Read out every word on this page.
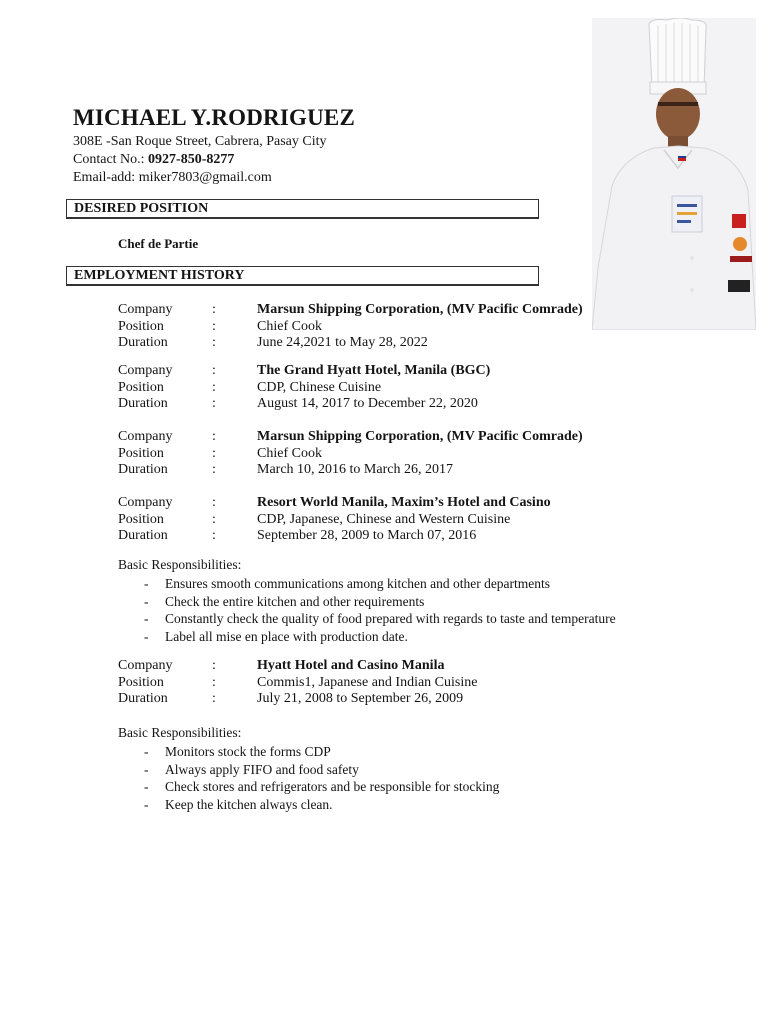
MICHAEL Y.RODRIGUEZ
308E -San Roque Street, Cabrera, Pasay City
Contact No.: 0927-850-8277
Email-add: miker7803@gmail.com
DESIRED POSITION
Chef de Partie
EMPLOYMENT HISTORY
Company	:	Marsun Shipping Corporation, (MV Pacific Comrade)
Position	:	Chief Cook
Duration	:	June 24,2021 to May 28, 2022
Company	:	The Grand Hyatt Hotel, Manila (BGC)
Position	:	CDP, Chinese Cuisine
Duration	:	August 14, 2017 to December 22, 2020
Company	:	Marsun Shipping Corporation, (MV Pacific Comrade)
Position	:	Chief Cook
Duration	:	March 10, 2016 to March 26, 2017
Company	:	Resort World Manila, Maxim’s Hotel and Casino
Position	:	CDP, Japanese, Chinese and Western Cuisine
Duration	:	September 28, 2009 to March 07, 2016
Basic Responsibilities:
-	Ensures smooth communications among kitchen and other departments
-	Check the entire kitchen and other requirements
-	Constantly check the quality of food prepared with regards to taste and temperature
-	Label all mise en place with production date.
Company	:	Hyatt Hotel and Casino Manila
Position	:	Commis1, Japanese and Indian Cuisine
Duration	:	July 21, 2008 to September 26, 2009
Basic Responsibilities:
-	Monitors stock the forms CDP
-	Always apply FIFO and food safety
-	Check stores and refrigerators and be responsible for stocking
-	Keep the kitchen always clean.
